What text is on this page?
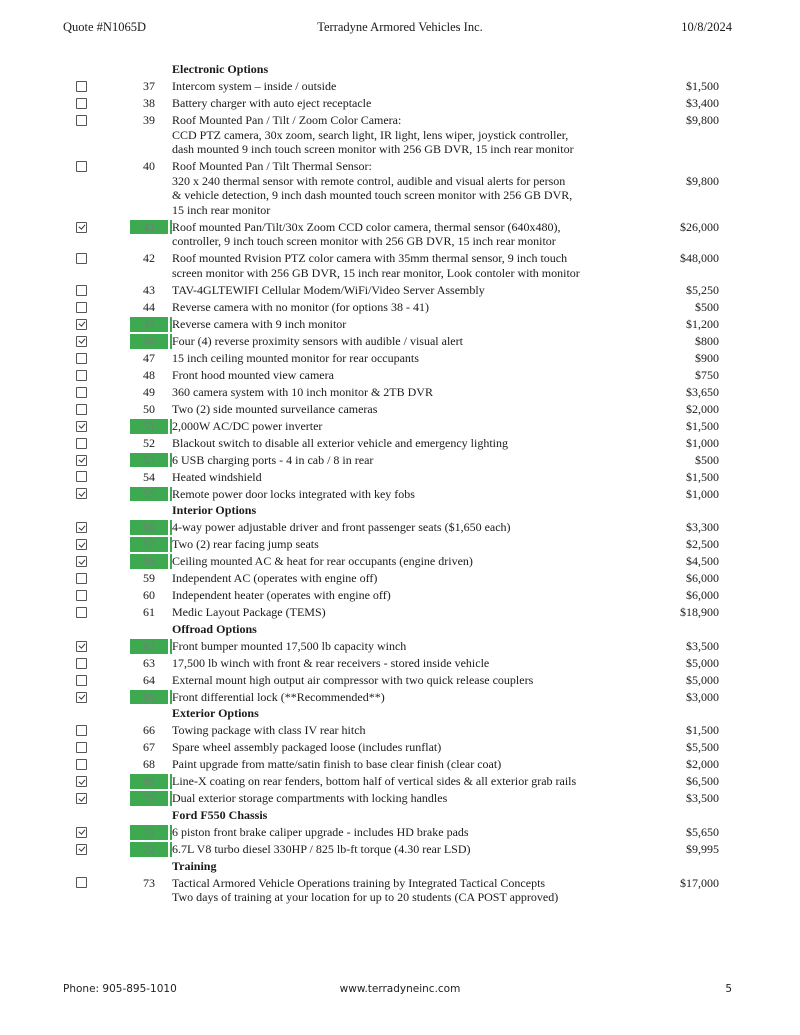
Quote #N1065D	Terradyne Armored Vehicles Inc.	10/8/2024
Electronic Options
37	Intercom system – inside / outside	$1,500
38	Battery charger with auto eject receptacle	$3,400
39	Roof Mounted Pan / Tilt / Zoom Color Camera:
CCD PTZ camera, 30x zoom, search light, IR light, lens wiper, joystick controller,
dash mounted 9 inch touch screen monitor with 256 GB DVR, 15 inch rear monitor
$9,800
40	Roof Mounted Pan / Tilt Thermal Sensor:
320 x 240 thermal sensor with remote control, audible and visual alerts for person
& vehicle detection, 9 inch dash mounted touch screen monitor with 256 GB DVR,
15 inch rear monitor
$9,800
41	Roof mounted Pan/Tilt/30x Zoom CCD color camera, thermal sensor (640x480),
controller, 9 inch touch screen monitor with 256 GB DVR, 15 inch rear monitor
$26,000
42	Roof mounted Rvision PTZ color camera with 35mm thermal sensor, 9 inch touch
screen monitor with 256 GB DVR, 15 inch rear monitor, Look contoler with monitor
$48,000
43	TAV-4GLTEWIFI Cellular Modem/WiFi/Video Server Assembly	$5,250
44	Reverse camera with no monitor (for options 38 - 41)	$500
45	Reverse camera with 9 inch monitor	$1,200
46	Four (4) reverse proximity sensors with audible / visual alert	$800
47	15 inch ceiling mounted monitor for rear occupants	$900
48	Front hood mounted view camera	$750
49	360 camera system with 10 inch monitor & 2TB DVR	$3,650
50	Two (2) side mounted surveilance cameras	$2,000
51	2,000W AC/DC power inverter	$1,500
52	Blackout switch to disable all exterior vehicle and emergency lighting	$1,000
53	6 USB charging ports - 4 in cab / 8 in rear	$500
54	Heated windshield	$1,500
55	Remote power door locks integrated with key fobs	$1,000
Interior Options
56	4-way power adjustable driver and front passenger seats ($1,650 each)	$3,300
57	Two (2) rear facing jump seats	$2,500
58	Ceiling mounted AC & heat for rear occupants (engine driven)	$4,500
59	Independent AC (operates with engine off)	$6,000
60	Independent heater (operates with engine off)	$6,000
61	Medic Layout Package (TEMS)	$18,900
Offroad Options
62	Front bumper mounted 17,500 lb capacity winch	$3,500
63	17,500 lb winch with front & rear receivers - stored inside vehicle	$5,000
64	External mount high output air compressor with two quick release couplers	$5,000
65	Front differential lock (**Recommended**)	$3,000
Exterior Options
66	Towing package with class IV rear hitch	$1,500
67	Spare wheel assembly packaged loose (includes runflat)	$5,500
68	Paint upgrade from matte/satin finish to base clear finish (clear coat)	$2,000
69	Line-X coating on rear fenders, bottom half of vertical sides & all exterior grab rails	$6,500
70	Dual exterior storage compartments with locking handles	$3,500
Ford F550 Chassis
71	6 piston front brake caliper upgrade - includes HD brake pads	$5,650
72	6.7L V8 turbo diesel 330HP / 825 lb-ft torque (4.30 rear LSD)	$9,995
Training
73	Tactical Armored Vehicle Operations training by Integrated Tactical Concepts
Two days of training at your location for up to 20 students (CA POST approved)
$17,000
Phone: 905-895-1010	www.terradyneinc.com	5
